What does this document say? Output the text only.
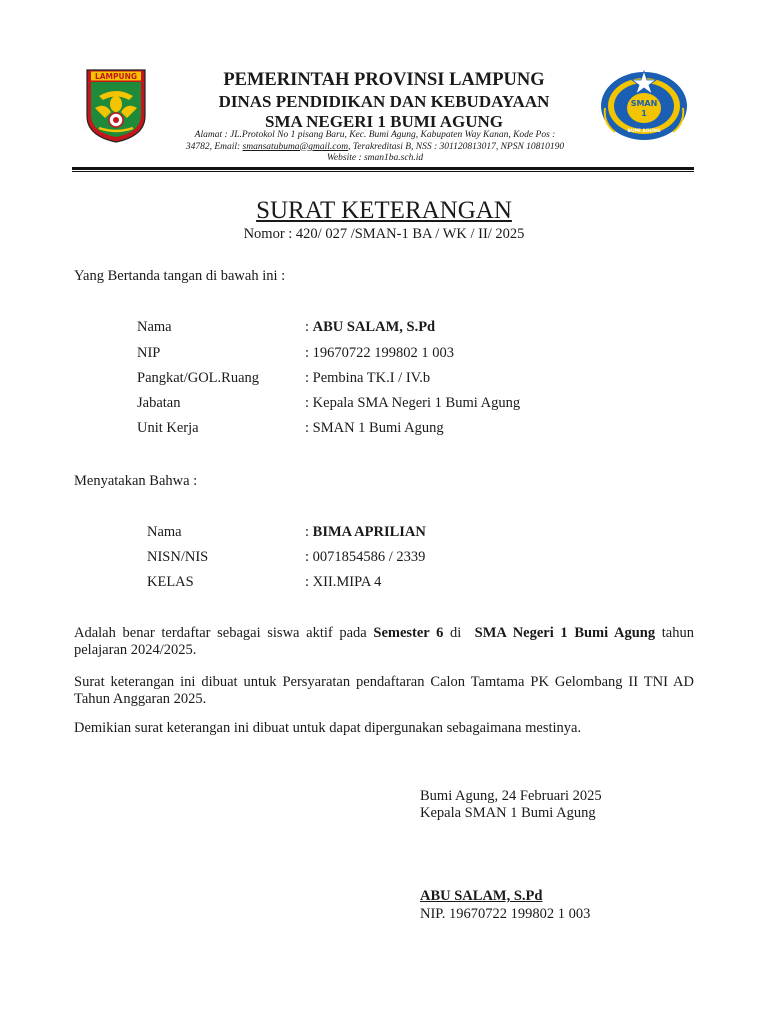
LAMPUNG
SMAN
1
BUMI AGUNG
PEMERINTAH PROVINSI LAMPUNG
DINAS PENDIDIKAN DAN KEBUDAYAAN
SMA NEGERI 1 BUMI AGUNG
Alamat : JL.Protokol No 1 pisang Baru, Kec. Bumi Agung, Kabupaten Way Kanan, Kode Pos :
34782, Email: smansatubuma@gmail.com, Terakreditasi B, NSS : 301120813017, NPSN 10810190
Website : sman1ba.sch.id
SURAT KETERANGAN
Nomor : 420/ 027 /SMAN-1 BA / WK / II/ 2025
Yang Bertanda tangan di bawah ini :
Nama	: ABU SALAM, S.Pd
NIP	: 19670722 199802 1 003
Pangkat/GOL.Ruang	: Pembina TK.I / IV.b
Jabatan	: Kepala SMA Negeri 1 Bumi Agung
Unit Kerja	: SMAN 1 Bumi Agung
Menyatakan Bahwa :
Nama	: BIMA APRILIAN
NISN/NIS	: 0071854586 / 2339
KELAS	: XII.MIPA 4
Adalah benar terdaftar sebagai siswa aktif pada Semester 6 di  SMA Negeri 1 Bumi Agung tahun pelajaran 2024/2025.
Surat keterangan ini dibuat untuk Persyaratan pendaftaran Calon Tamtama PK Gelombang II TNI AD Tahun Anggaran 2025.
Demikian surat keterangan ini dibuat untuk dapat dipergunakan sebagaimana mestinya.
Bumi Agung, 24 Februari 2025
Kepala SMAN 1 Bumi Agung
ABU SALAM, S.Pd
NIP. 19670722 199802 1 003
